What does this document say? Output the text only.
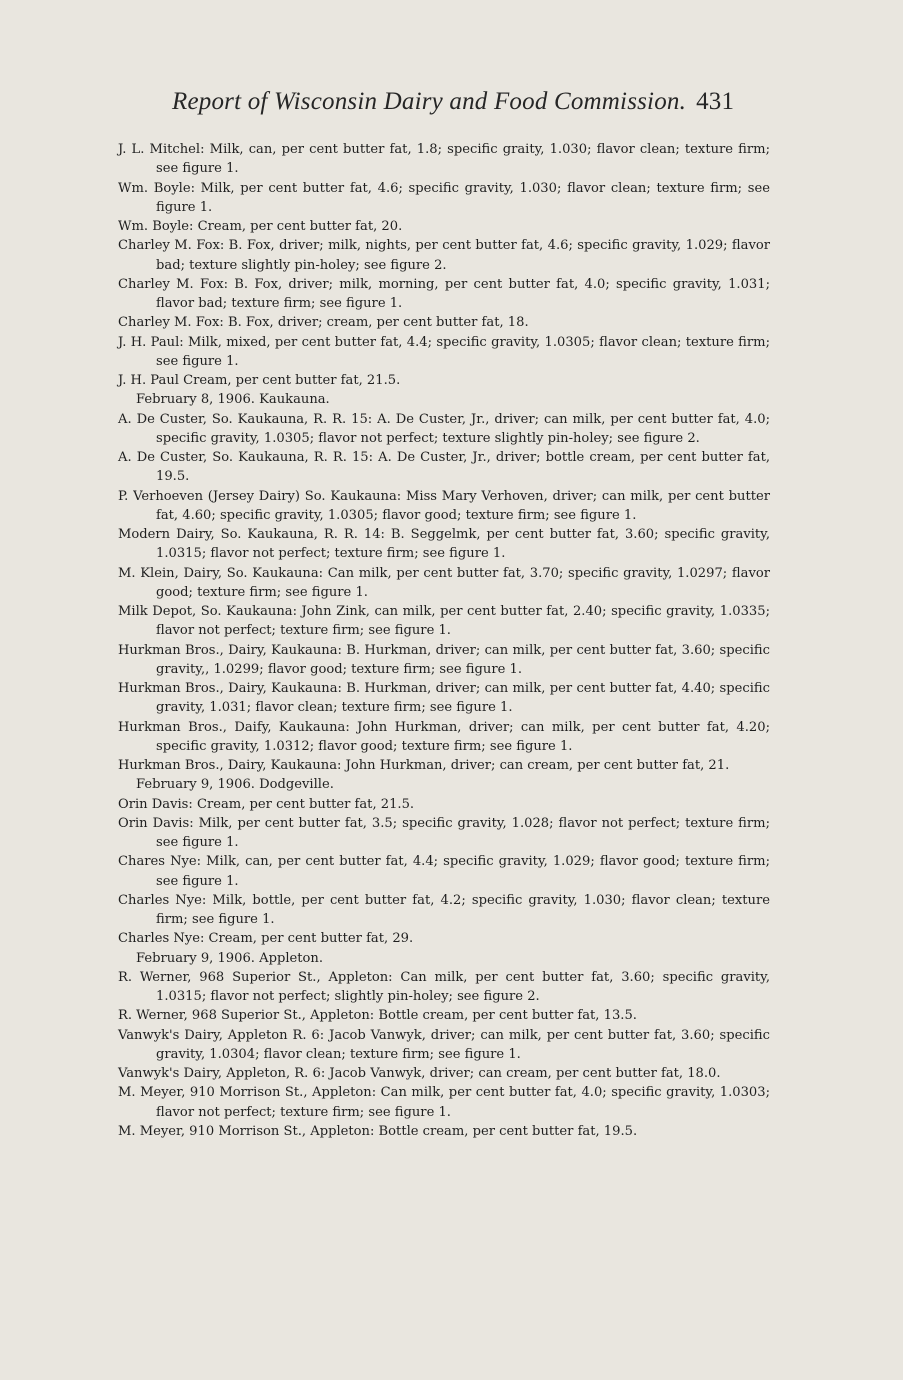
Report of Wisconsin Dairy and Food Commission. 431

J. L. Mitchel: Milk, can, per cent butter fat, 1.8; specific graity, 1.030; flavor clean; texture firm; see figure 1.

Wm. Boyle: Milk, per cent butter fat, 4.6; specific gravity, 1.030; flavor clean; texture firm; see figure 1.

Wm. Boyle: Cream, per cent butter fat, 20.

Charley M. Fox: B. Fox, driver; milk, nights, per cent butter fat, 4.6; specific gravity, 1.029; flavor bad; texture slightly pin-holey; see figure 2.

Charley M. Fox: B. Fox, driver; milk, morning, per cent butter fat, 4.0; specific gravity, 1.031; flavor bad; texture firm; see figure 1.

Charley M. Fox: B. Fox, driver; cream, per cent butter fat, 18.

J. H. Paul: Milk, mixed, per cent butter fat, 4.4; specific gravity, 1.0305; flavor clean; texture firm; see figure 1.

J. H. Paul Cream, per cent butter fat, 21.5.

February 8, 1906. Kaukauna.

A. De Custer, So. Kaukauna, R. R. 15: A. De Custer, Jr., driver; can milk, per cent butter fat, 4.0; specific gravity, 1.0305; flavor not perfect; texture slightly pin-holey; see figure 2.

A. De Custer, So. Kaukauna, R. R. 15: A. De Custer, Jr., driver; bottle cream, per cent butter fat, 19.5.

P. Verhoeven (Jersey Dairy) So. Kaukauna: Miss Mary Verhoven, driver; can milk, per cent butter fat, 4.60; specific gravity, 1.0305; flavor good; texture firm; see figure 1.

Modern Dairy, So. Kaukauna, R. R. 14: B. Seggelmk, per cent butter fat, 3.60; specific gravity, 1.0315; flavor not perfect; texture firm; see figure 1.

M. Klein, Dairy, So. Kaukauna: Can milk, per cent butter fat, 3.70; specific gravity, 1.0297; flavor good; texture firm; see figure 1.

Milk Depot, So. Kaukauna: John Zink, can milk, per cent butter fat, 2.40; specific gravity, 1.0335; flavor not perfect; texture firm; see figure 1.

Hurkman Bros., Dairy, Kaukauna: B. Hurkman, driver; can milk, per cent butter fat, 3.60; specific gravity,, 1.0299; flavor good; texture firm; see figure 1.

Hurkman Bros., Dairy, Kaukauna: B. Hurkman, driver; can milk, per cent butter fat, 4.40; specific gravity, 1.031; flavor clean; texture firm; see figure 1.

Hurkman Bros., Daify, Kaukauna: John Hurkman, driver; can milk, per cent butter fat, 4.20; specific gravity, 1.0312; flavor good; texture firm; see figure 1.

Hurkman Bros., Dairy, Kaukauna: John Hurkman, driver; can cream, per cent butter fat, 21.

February 9, 1906. Dodgeville.

Orin Davis: Cream, per cent butter fat, 21.5.

Orin Davis: Milk, per cent butter fat, 3.5; specific gravity, 1.028; flavor not perfect; texture firm; see figure 1.

Chares Nye: Milk, can, per cent butter fat, 4.4; specific gravity, 1.029; flavor good; texture firm; see figure 1.

Charles Nye: Milk, bottle, per cent butter fat, 4.2; specific gravity, 1.030; flavor clean; texture firm; see figure 1.

Charles Nye: Cream, per cent butter fat, 29.

February 9, 1906. Appleton.

R. Werner, 968 Superior St., Appleton: Can milk, per cent butter fat, 3.60; specific gravity, 1.0315; flavor not perfect; slightly pin-holey; see figure 2.

R. Werner, 968 Superior St., Appleton: Bottle cream, per cent butter fat, 13.5.

Vanwyk's Dairy, Appleton R. 6: Jacob Vanwyk, driver; can milk, per cent butter fat, 3.60; specific gravity, 1.0304; flavor clean; texture firm; see figure 1.

Vanwyk's Dairy, Appleton, R. 6: Jacob Vanwyk, driver; can cream, per cent butter fat, 18.0.

M. Meyer, 910 Morrison St., Appleton: Can milk, per cent butter fat, 4.0; specific gravity, 1.0303; flavor not perfect; texture firm; see figure 1.

M. Meyer, 910 Morrison St., Appleton: Bottle cream, per cent butter fat, 19.5.
